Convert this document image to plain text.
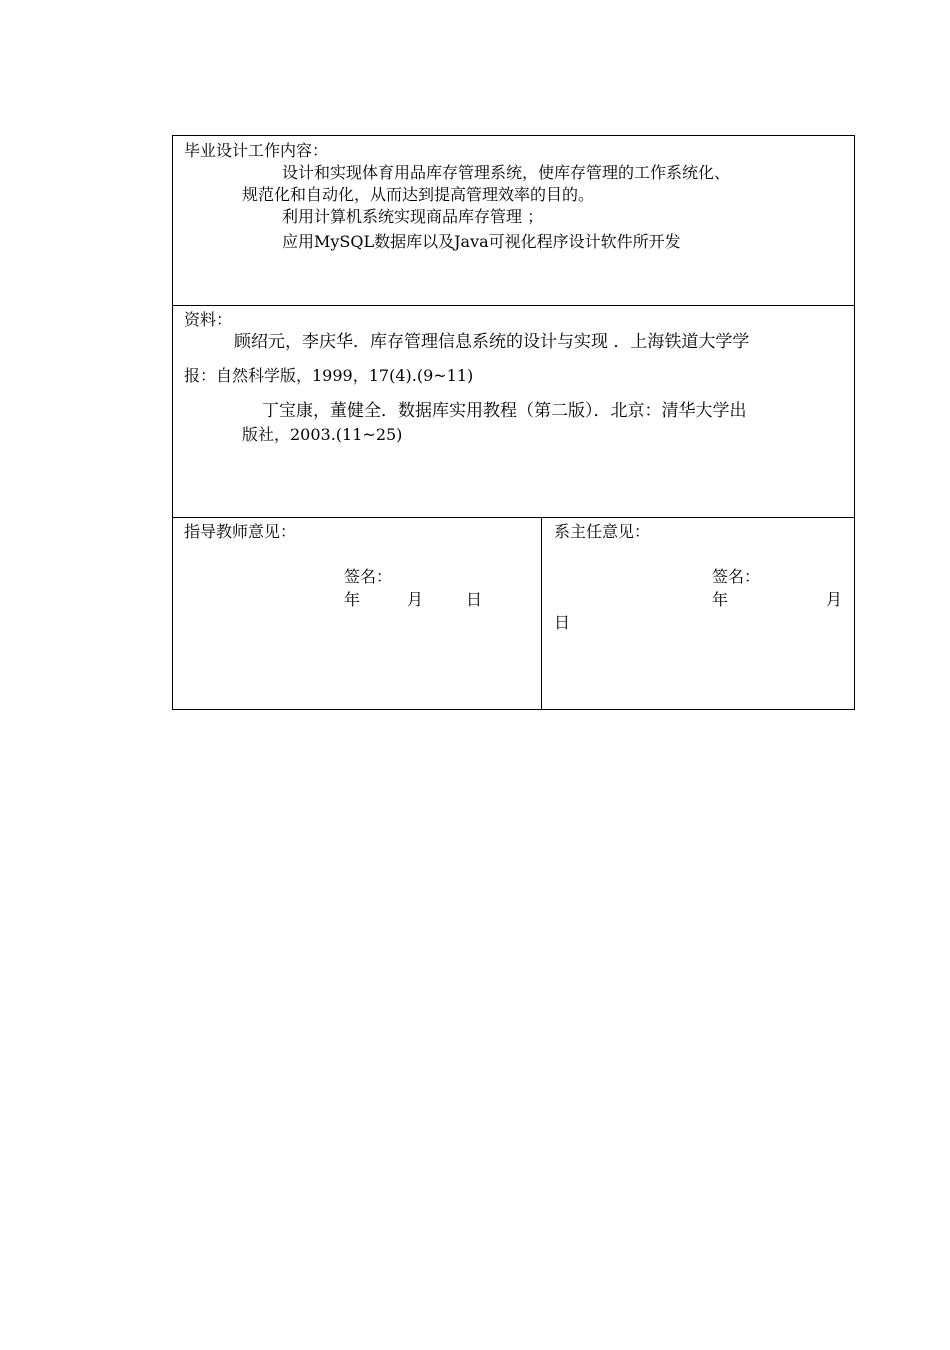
毕业设计工作内容：
设计和实现体育用品库存管理系统，使库存管理的工作系统化、
规范化和自动化，从而达到提高管理效率的目的。
利用计算机系统实现商品库存管理 ；
应用MySQL数据库以及Java可视化程序设计软件所开发
资料：
顾绍元，李庆华．库存管理信息系统的设计与实现 ．上海铁道大学学
报：自然科学版，1999，17(4).(9~11)
丁宝康，董健全．数据库实用教程（第二版）．北京：清华大学出
版社，2003.(11~25)
指导教师意见：
签名：
年	月	日
系主任意见：
签名：
年	月
日
